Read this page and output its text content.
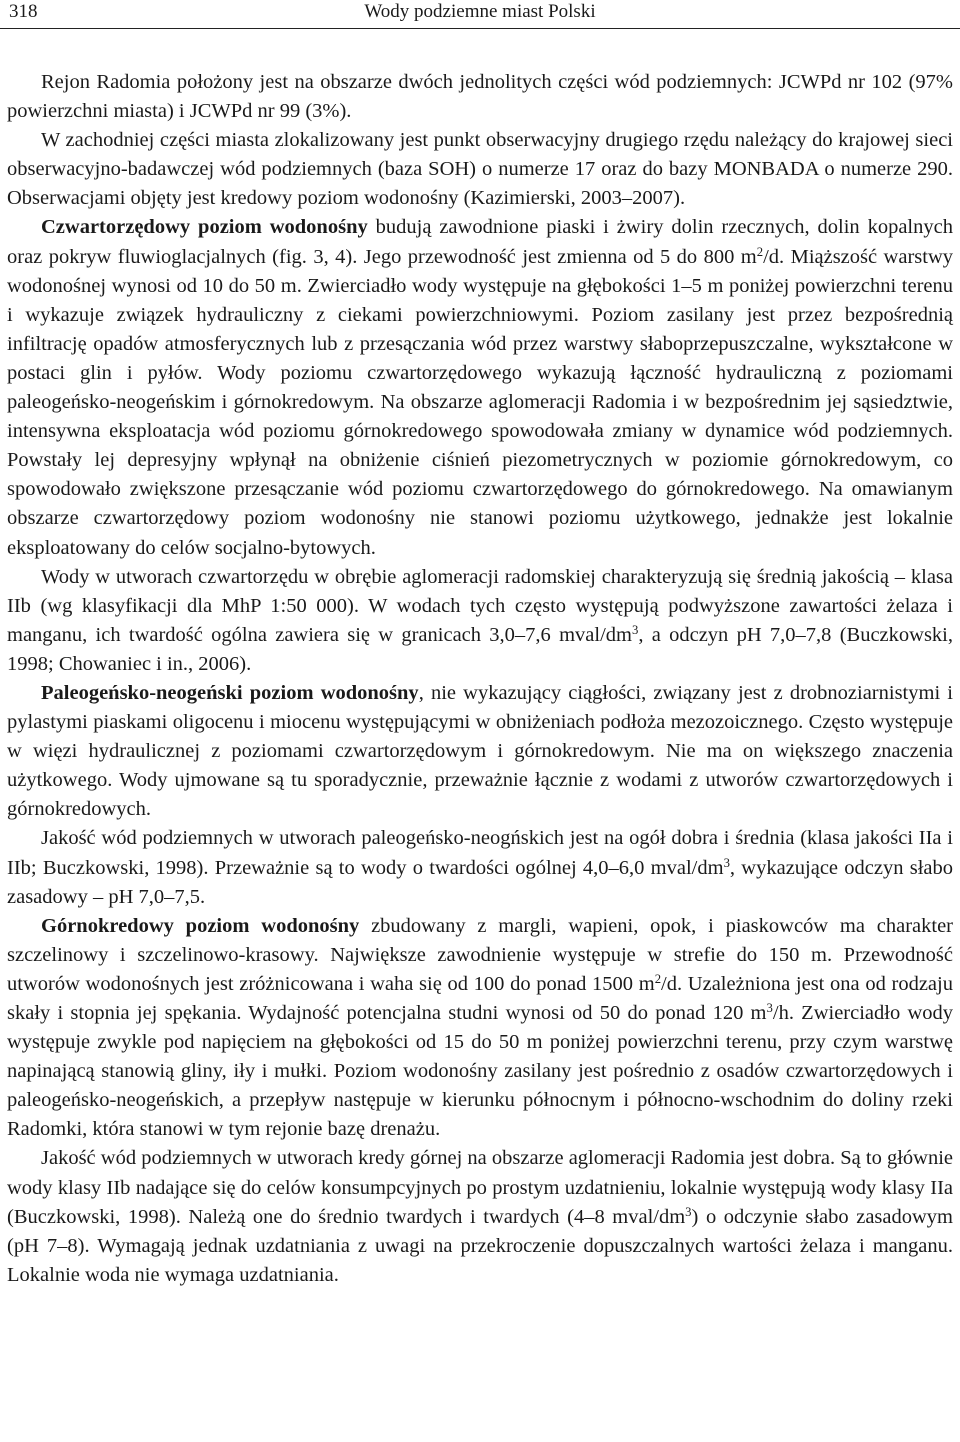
318	Wody podziemne miast Polski

Rejon Radomia położony jest na obszarze dwóch jednolitych części wód podziemnych: JCWPd nr 102 (97% powierzchni miasta) i JCWPd nr 99 (3%).

W zachodniej części miasta zlokalizowany jest punkt obserwacyjny drugiego rzędu należący do krajowej sieci obserwacyjno-badawczej wód podziemnych (baza SOH) o numerze 17 oraz do bazy MONBADA o numerze 290. Obserwacjami objęty jest kredowy poziom wodonośny (Kazimierski, 2003–2007).

Czwartorzędowy poziom wodonośny budują zawodnione piaski i żwiry dolin rzecznych, dolin kopalnych oraz pokryw fluwioglacjalnych (fig. 3, 4). Jego przewodność jest zmienna od 5 do 800 $m^2/d$. Miąższość warstwy wodonośnej wynosi od 10 do 50 m. Zwierciadło wody występuje na głębokości 1–5 m poniżej powierzchni terenu i wykazuje związek hydrauliczny z ciekami powierzchniowymi. Poziom zasilany jest przez bezpośrednią infiltrację opadów atmosferycznych lub z przesączania wód przez warstwy słaboprzepuszczalne, wykształcone w postaci glin i pyłów. Wody poziomu czwartorzędowego wykazują łączność hydrauliczną z poziomami paleogeńsko-neogeńskim i górnokredowym. Na obszarze aglomeracji Radomia i w bezpośrednim jej sąsiedztwie, intensywna eksploatacja wód poziomu górnokredowego spowodowała zmiany w dynamice wód podziemnych. Powstały lej depresyjny wpłynął na obniżenie ciśnień piezometrycznych w poziomie górnokredowym, co spowodowało zwiększone przesączanie wód poziomu czwartorzędowego do górnokredowego. Na omawianym obszarze czwartorzędowy poziom wodonośny nie stanowi poziomu użytkowego, jednakże jest lokalnie eksploatowany do celów socjalno-bytowych.

Wody w utworach czwartorzędu w obrębie aglomeracji radomskiej charakteryzują się średnią jakością – klasa IIb (wg klasyfikacji dla MhP 1:50 000). W wodach tych często występują podwyższone zawartości żelaza i manganu, ich twardość ogólna zawiera się w granicach 3,0–7,6 mval/$dm^3$, a odczyn pH 7,0–7,8 (Buczkowski, 1998; Chowaniec i in., 2006).

Paleogeńsko-neogeński poziom wodonośny, nie wykazujący ciągłości, związany jest z drobnoziarnistymi i pylastymi piaskami oligocenu i miocenu występującymi w obniżeniach podłoża mezozoicznego. Często występuje w więzi hydraulicznej z poziomami czwartorzędowym i górnokredowym. Nie ma on większego znaczenia użytkowego. Wody ujmowane są tu sporadycznie, przeważnie łącznie z wodami z utworów czwartorzędowych i górnokredowych.

Jakość wód podziemnych w utworach paleogeńsko-neogńskich jest na ogół dobra i średnia (klasa jakości IIa i IIb; Buczkowski, 1998). Przeważnie są to wody o twardości ogólnej 4,0–6,0 mval/$dm^3$, wykazujące odczyn słabo zasadowy – pH 7,0–7,5.

Górnokredowy poziom wodonośny zbudowany z margli, wapieni, opok, i piaskowców ma charakter szczelinowy i szczelinowo-krasowy. Największe zawodnienie występuje w strefie do 150 m. Przewodność utworów wodonośnych jest zróżnicowana i waha się od 100 do ponad 1500 $m^2/d$. Uzależniona jest ona od rodzaju skały i stopnia jej spękania. Wydajność potencjalna studni wynosi od 50 do ponad 120 $m^3/h$. Zwierciadło wody występuje zwykle pod napięciem na głębokości od 15 do 50 m poniżej powierzchni terenu, przy czym warstwę napinającą stanowią gliny, iły i mułki. Poziom wodonośny zasilany jest pośrednio z osadów czwartorzędowych i paleogeńsko-neogeńskich, a przepływ następuje w kierunku północnym i północno-wschodnim do doliny rzeki Radomki, która stanowi w tym rejonie bazę drenażu.

Jakość wód podziemnych w utworach kredy górnej na obszarze aglomeracji Radomia jest dobra. Są to głównie wody klasy IIb nadające się do celów konsumpcyjnych po prostym uzdatnieniu, lokalnie występują wody klasy IIa (Buczkowski, 1998). Należą one do średnio twardych i twardych (4–8 mval/$dm^3$) o odczynie słabo zasadowym (pH 7–8). Wymagają jednak uzdatniania z uwagi na przekroczenie dopuszczalnych wartości żelaza i manganu. Lokalnie woda nie wymaga uzdatniania.
